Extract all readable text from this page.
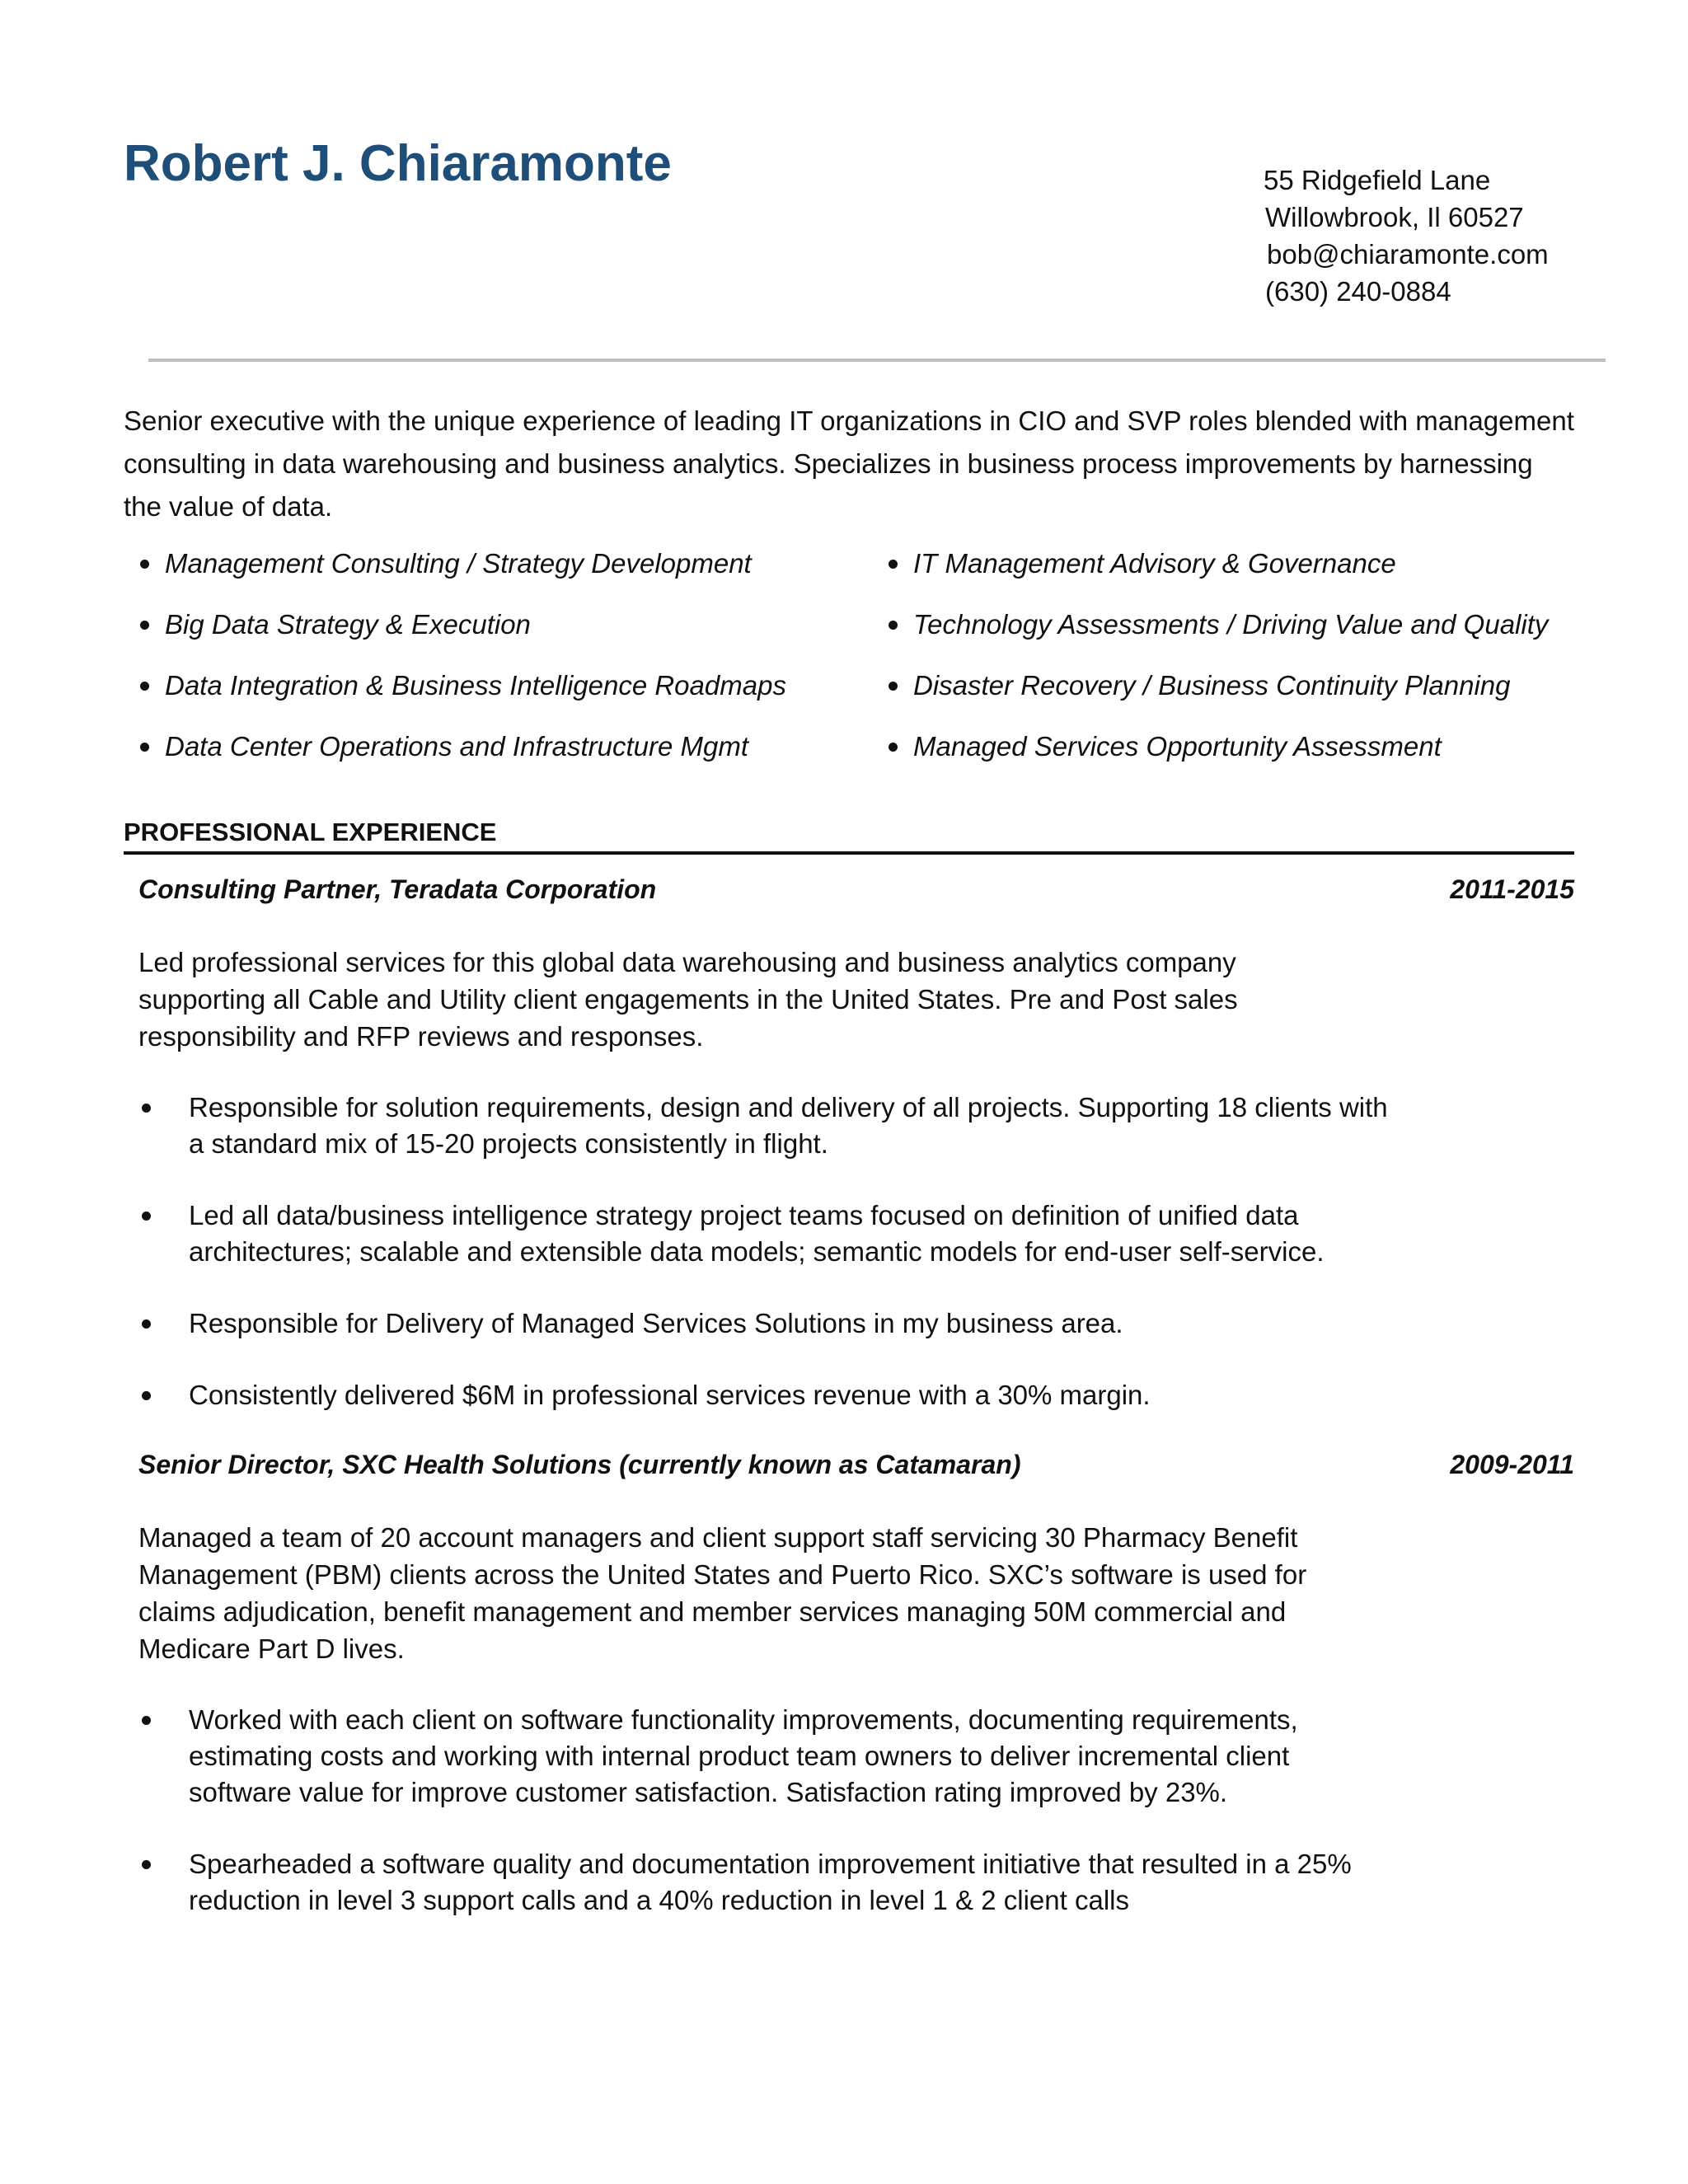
Robert J. Chiaramonte	55 Ridgefield Lane
Willowbrook, Il 60527
bob@chiaramonte.com
(630) 240-0884
Senior executive with the unique experience of leading IT organizations in CIO and SVP roles blended with management consulting in data warehousing and business analytics. Specializes in business process improvements by harnessing the value of data.
Management Consulting / Strategy Development
Big Data Strategy & Execution
Data Integration & Business Intelligence Roadmaps
Data Center Operations and Infrastructure Mgmt
IT Management Advisory & Governance
Technology Assessments / Driving Value and Quality
Disaster Recovery / Business Continuity Planning
Managed Services Opportunity Assessment
PROFESSIONAL EXPERIENCE
Consulting Partner, Teradata Corporation	2011-2015
Led professional services for this global data warehousing and business analytics company supporting all Cable and Utility client engagements in the United States. Pre and Post sales responsibility and RFP reviews and responses.
Responsible for solution requirements, design and delivery of all projects. Supporting 18 clients with a standard mix of 15-20 projects consistently in flight.
Led all data/business intelligence strategy project teams focused on definition of unified data architectures; scalable and extensible data models; semantic models for end-user self-service.
Responsible for Delivery of Managed Services Solutions in my business area.
Consistently delivered $6M in professional services revenue with a 30% margin.
Senior Director, SXC Health Solutions (currently known as Catamaran)	2009-2011
Managed a team of 20 account managers and client support staff servicing 30 Pharmacy Benefit Management (PBM) clients across the United States and Puerto Rico. SXC’s software is used for claims adjudication, benefit management and member services managing 50M commercial and Medicare Part D lives.
Worked with each client on software functionality improvements, documenting requirements, estimating costs and working with internal product team owners to deliver incremental client software value for improve customer satisfaction. Satisfaction rating improved by 23%.
Spearheaded a software quality and documentation improvement initiative that resulted in a 25% reduction in level 3 support calls and a 40% reduction in level 1 & 2 client calls
